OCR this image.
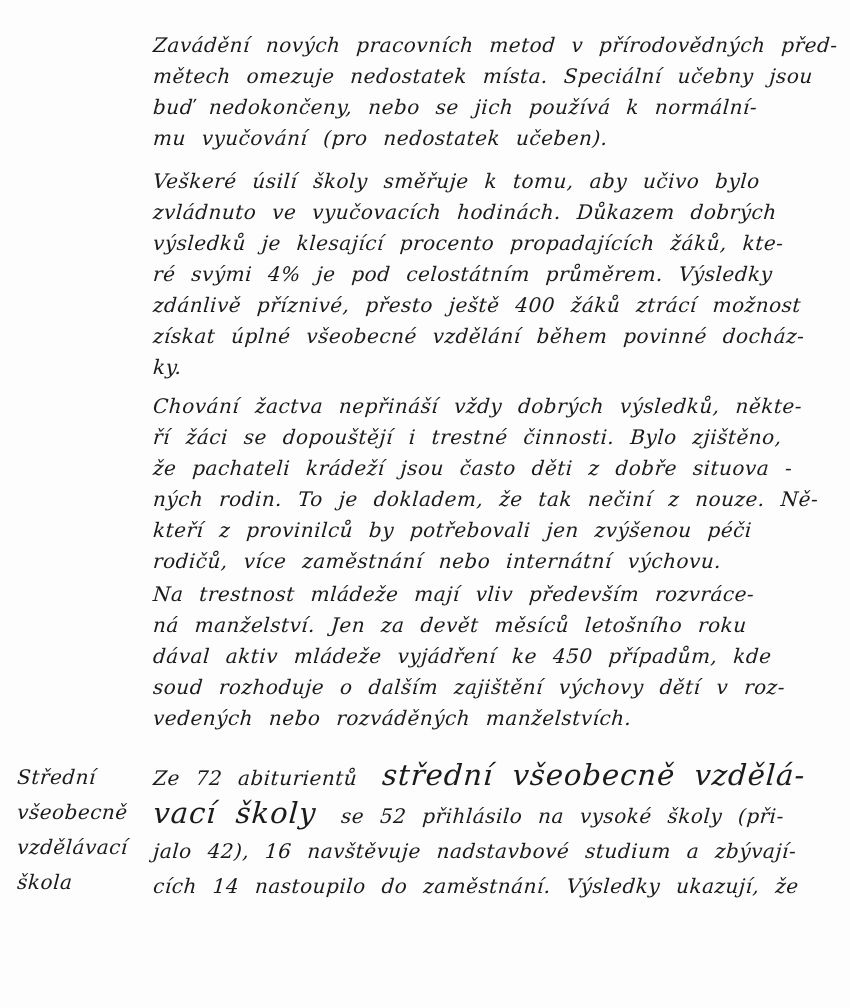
Střední
všeobecně
vzdělávací
škola
Zavádění nových pracovních metod v přírodovědných před-
mětech omezuje nedostatek místa. Speciální učebny jsou
buď nedokončeny, nebo se jich používá k normální-
mu vyučování (pro nedostatek učeben).
Veškeré úsilí školy směřuje k tomu, aby učivo bylo
zvládnuto ve vyučovacích hodinách. Důkazem dobrých
výsledků je klesající procento propadajících žáků, kte-
ré svými 4% je pod celostátním průměrem. Výsledky
zdánlivě příznivé, přesto ještě 400 žáků ztrácí možnost
získat úplné všeobecné vzdělání během povinné docház-
ky.
Chování žactva nepřináší vždy dobrých výsledků, někte-
ří žáci se dopouštějí i trestné činnosti. Bylo zjištěno,
že pachateli krádeží jsou často děti z dobře situova -
ných rodin. To je dokladem, že tak nečiní z nouze. Ně-
kteří z provinilců by potřebovali jen zvýšenou péči
rodičů, více zaměstnání nebo internátní výchovu.
Na trestnost mládeže mají vliv především rozvráce-
ná manželství. Jen za devět měsíců letošního roku
dával aktiv mládeže vyjádření ke 450 případům, kde
soud rozhoduje o dalším zajištění výchovy dětí v roz-
vedených nebo rozváděných manželstvích.
Ze 72 abiturientů střední všeobecně vzdělá-
vací školy se 52 přihlásilo na vysoké školy (při-
jalo 42), 16 navštěvuje nadstavbové studium a zbývají-
cích 14 nastoupilo do zaměstnání. Výsledky ukazují, že
